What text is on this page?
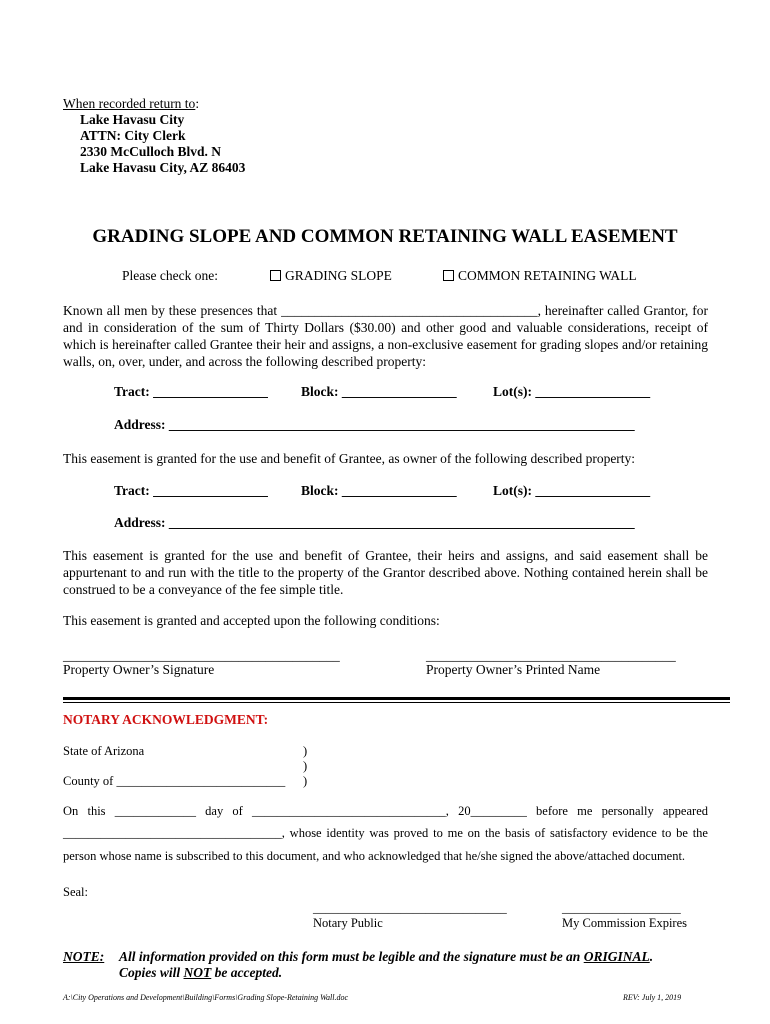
When recorded return to:
Lake Havasu City
ATTN: City Clerk
2330 McCulloch Blvd. N
Lake Havasu City, AZ 86403
GRADING SLOPE AND COMMON RETAINING WALL EASEMENT
Please check one:	GRADING SLOPE	COMMON RETAINING WALL
Known all men by these presences that ______________________________________, hereinafter called Grantor, for and in consideration of the sum of Thirty Dollars ($30.00) and other good and valuable considerations, receipt of which is hereinafter called Grantee their heir and assigns, a non-exclusive easement for grading slopes and/or retaining walls, on, over, under, and across the following described property:
Tract: _________________ Block: _________________	Lot(s): _________________
Address: _____________________________________________________________________
This easement is granted for the use and benefit of Grantee, as owner of the following described property:
Tract: _________________ Block: _________________	Lot(s): _________________
Address: _____________________________________________________________________
This easement is granted for the use and benefit of Grantee, their heirs and assigns, and said easement shall be appurtenant to and run with the title to the property of the Grantor described above. Nothing contained herein shall be construed to be a conveyance of the fee simple title.
This easement is granted and accepted upon the following conditions:
_________________________________________
Property Owner’s Signature
_____________________________________
Property Owner’s Printed Name
NOTARY ACKNOWLEDGMENT:
State of Arizona	)
)
)
County of ___________________________
On this _____________ day of _______________________________, 20_________ before me personally appeared
___________________________________, whose identity was proved to me on the basis of satisfactory evidence to be the
person whose name is subscribed to this document, and who acknowledged that he/she signed the above/attached document.
Seal:
_______________________________
Notary Public
___________________
My Commission Expires
NOTE: All information provided on this form must be legible and the signature must be an ORIGINAL.
Copies will NOT be accepted.
A:\City Operations and Development\Building\Forms\Grading Slope-Retaining Wall.doc	REV: July 1, 2019
